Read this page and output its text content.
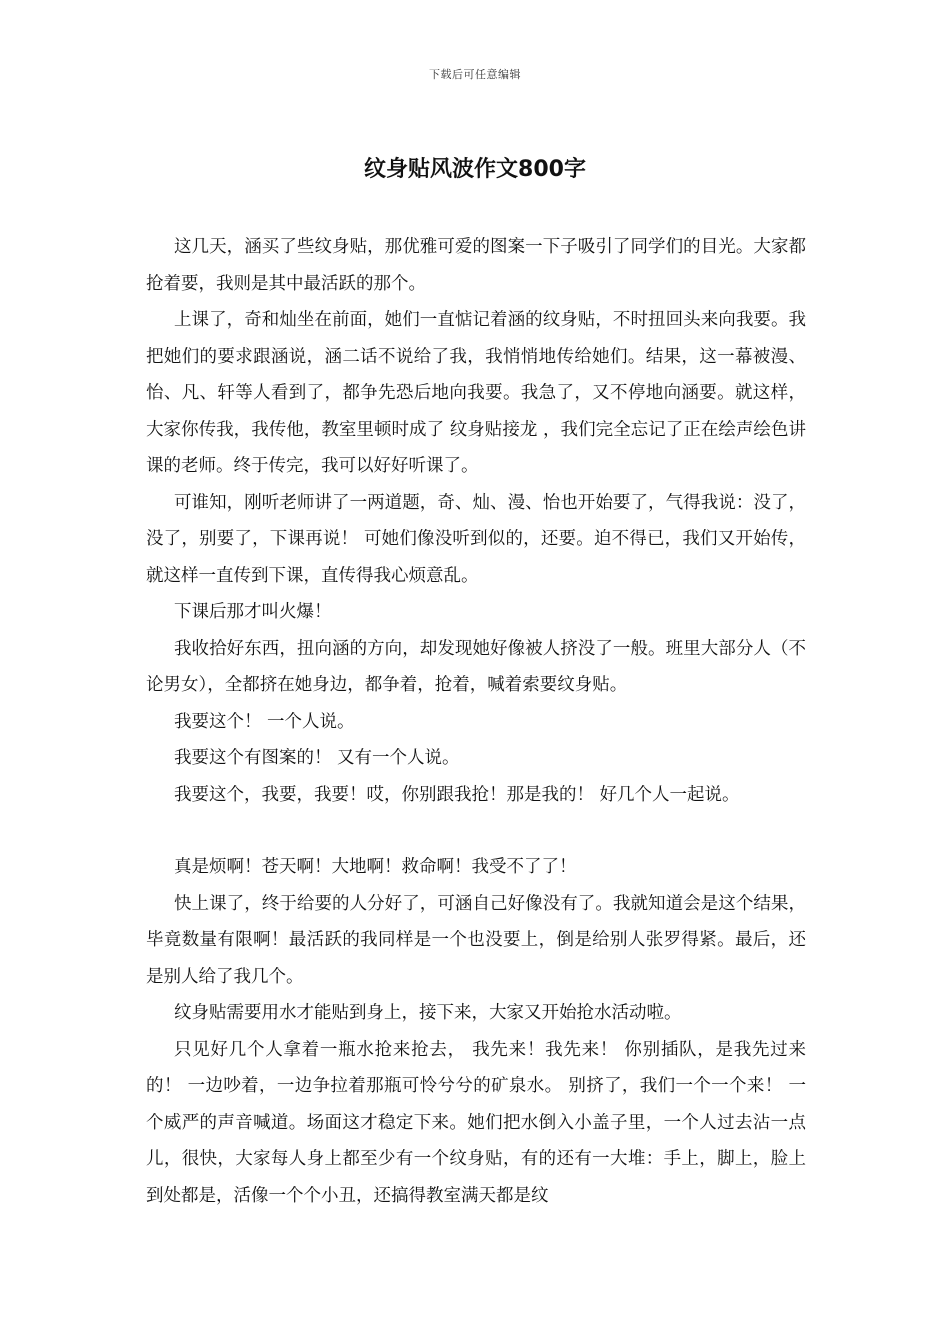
下载后可任意编辑
纹身贴风波作文800字

这几天，涵买了些纹身贴，那优雅可爱的图案一下子吸引了同学们的目光。大家都抢着要，我则是其中最活跃的那个。

上课了，奇和灿坐在前面，她们一直惦记着涵的纹身贴，不时扭回头来向我要。我把她们的要求跟涵说，涵二话不说给了我，我悄悄地传给她们。结果，这一幕被漫、怡、凡、轩等人看到了，都争先恐后地向我要。我急了，又不停地向涵要。就这样，大家你传我，我传他，教室里顿时成了 纹身贴接龙 ，我们完全忘记了正在绘声绘色讲课的老师。终于传完，我可以好好听课了。

可谁知，刚听老师讲了一两道题，奇、灿、漫、怡也开始要了，气得我说：没了，没了，别要了，下课再说！ 可她们像没听到似的，还要。迫不得已，我们又开始传，就这样一直传到下课，直传得我心烦意乱。

下课后那才叫火爆！

我收拾好东西，扭向涵的方向，却发现她好像被人挤没了一般。班里大部分人（不论男女），全都挤在她身边，都争着，抢着，喊着索要纹身贴。

我要这个！ 一个人说。

我要这个有图案的！ 又有一个人说。

我要这个，我要，我要！哎，你别跟我抢！那是我的！ 好几个人一起说。

真是烦啊！苍天啊！大地啊！救命啊！我受不了了！

快上课了，终于给要的人分好了，可涵自己好像没有了。我就知道会是这个结果，毕竟数量有限啊！最活跃的我同样是一个也没要上，倒是给别人张罗得紧。最后，还是别人给了我几个。

纹身贴需要用水才能贴到身上，接下来，大家又开始抢水活动啦。

只见好几个人拿着一瓶水抢来抢去， 我先来！我先来！ 你别插队，是我先过来的！ 一边吵着，一边争拉着那瓶可怜兮兮的矿泉水。 别挤了，我们一个一个来！ 一个威严的声音喊道。场面这才稳定下来。她们把水倒入小盖子里，一个人过去沾一点儿，很快，大家每人身上都至少有一个纹身贴，有的还有一大堆：手上，脚上，脸上到处都是，活像一个个小丑，还搞得教室满天都是纹
